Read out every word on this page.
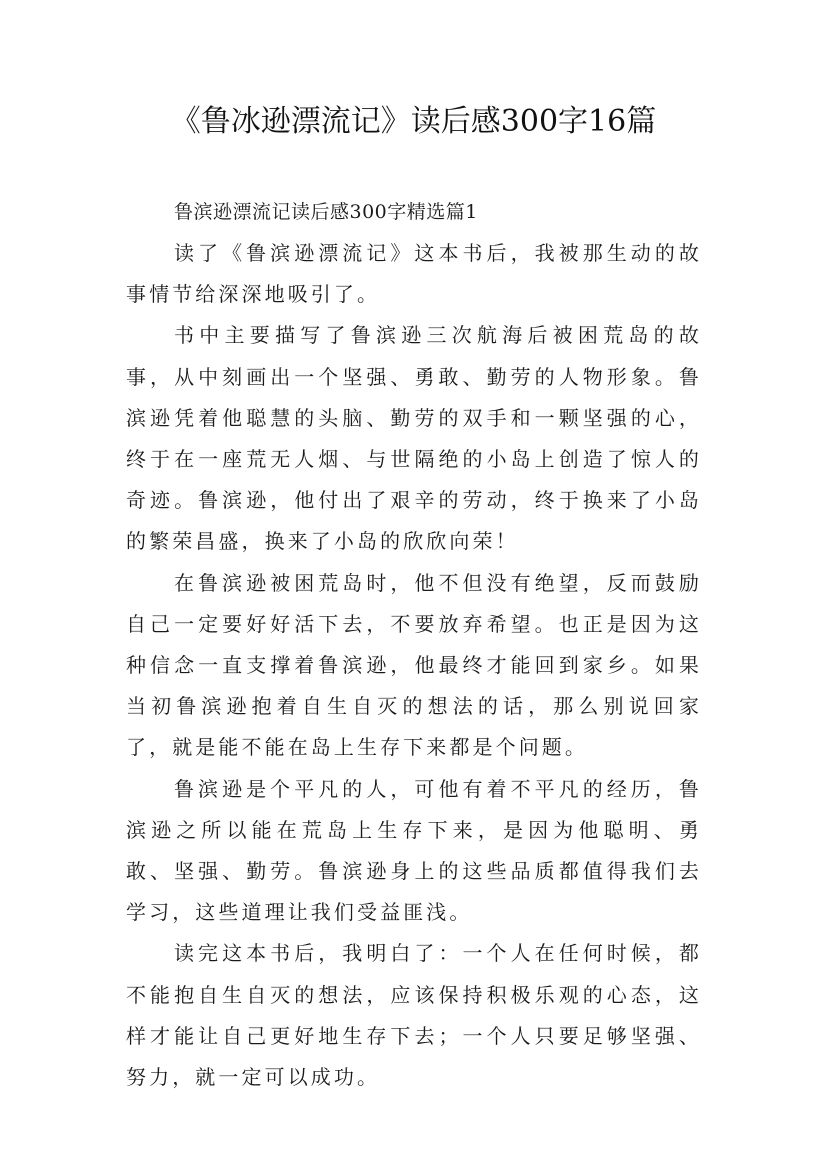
《鲁冰逊漂流记》读后感300字16篇

鲁滨逊漂流记读后感300字精选篇1

读了《鲁滨逊漂流记》这本书后，我被那生动的故事情节给深深地吸引了。

书中主要描写了鲁滨逊三次航海后被困荒岛的故事，从中刻画出一个坚强、勇敢、勤劳的人物形象。鲁滨逊凭着他聪慧的头脑、勤劳的双手和一颗坚强的心，终于在一座荒无人烟、与世隔绝的小岛上创造了惊人的奇迹。鲁滨逊，他付出了艰辛的劳动，终于换来了小岛的繁荣昌盛，换来了小岛的欣欣向荣！

在鲁滨逊被困荒岛时，他不但没有绝望，反而鼓励自己一定要好好活下去，不要放弃希望。也正是因为这种信念一直支撑着鲁滨逊，他最终才能回到家乡。如果当初鲁滨逊抱着自生自灭的想法的话，那么别说回家了，就是能不能在岛上生存下来都是个问题。

鲁滨逊是个平凡的人，可他有着不平凡的经历，鲁滨逊之所以能在荒岛上生存下来，是因为他聪明、勇敢、坚强、勤劳。鲁滨逊身上的这些品质都值得我们去学习，这些道理让我们受益匪浅。

读完这本书后，我明白了：一个人在任何时候，都不能抱自生自灭的想法，应该保持积极乐观的心态，这样才能让自己更好地生存下去；一个人只要足够坚强、努力，就一定可以成功。
